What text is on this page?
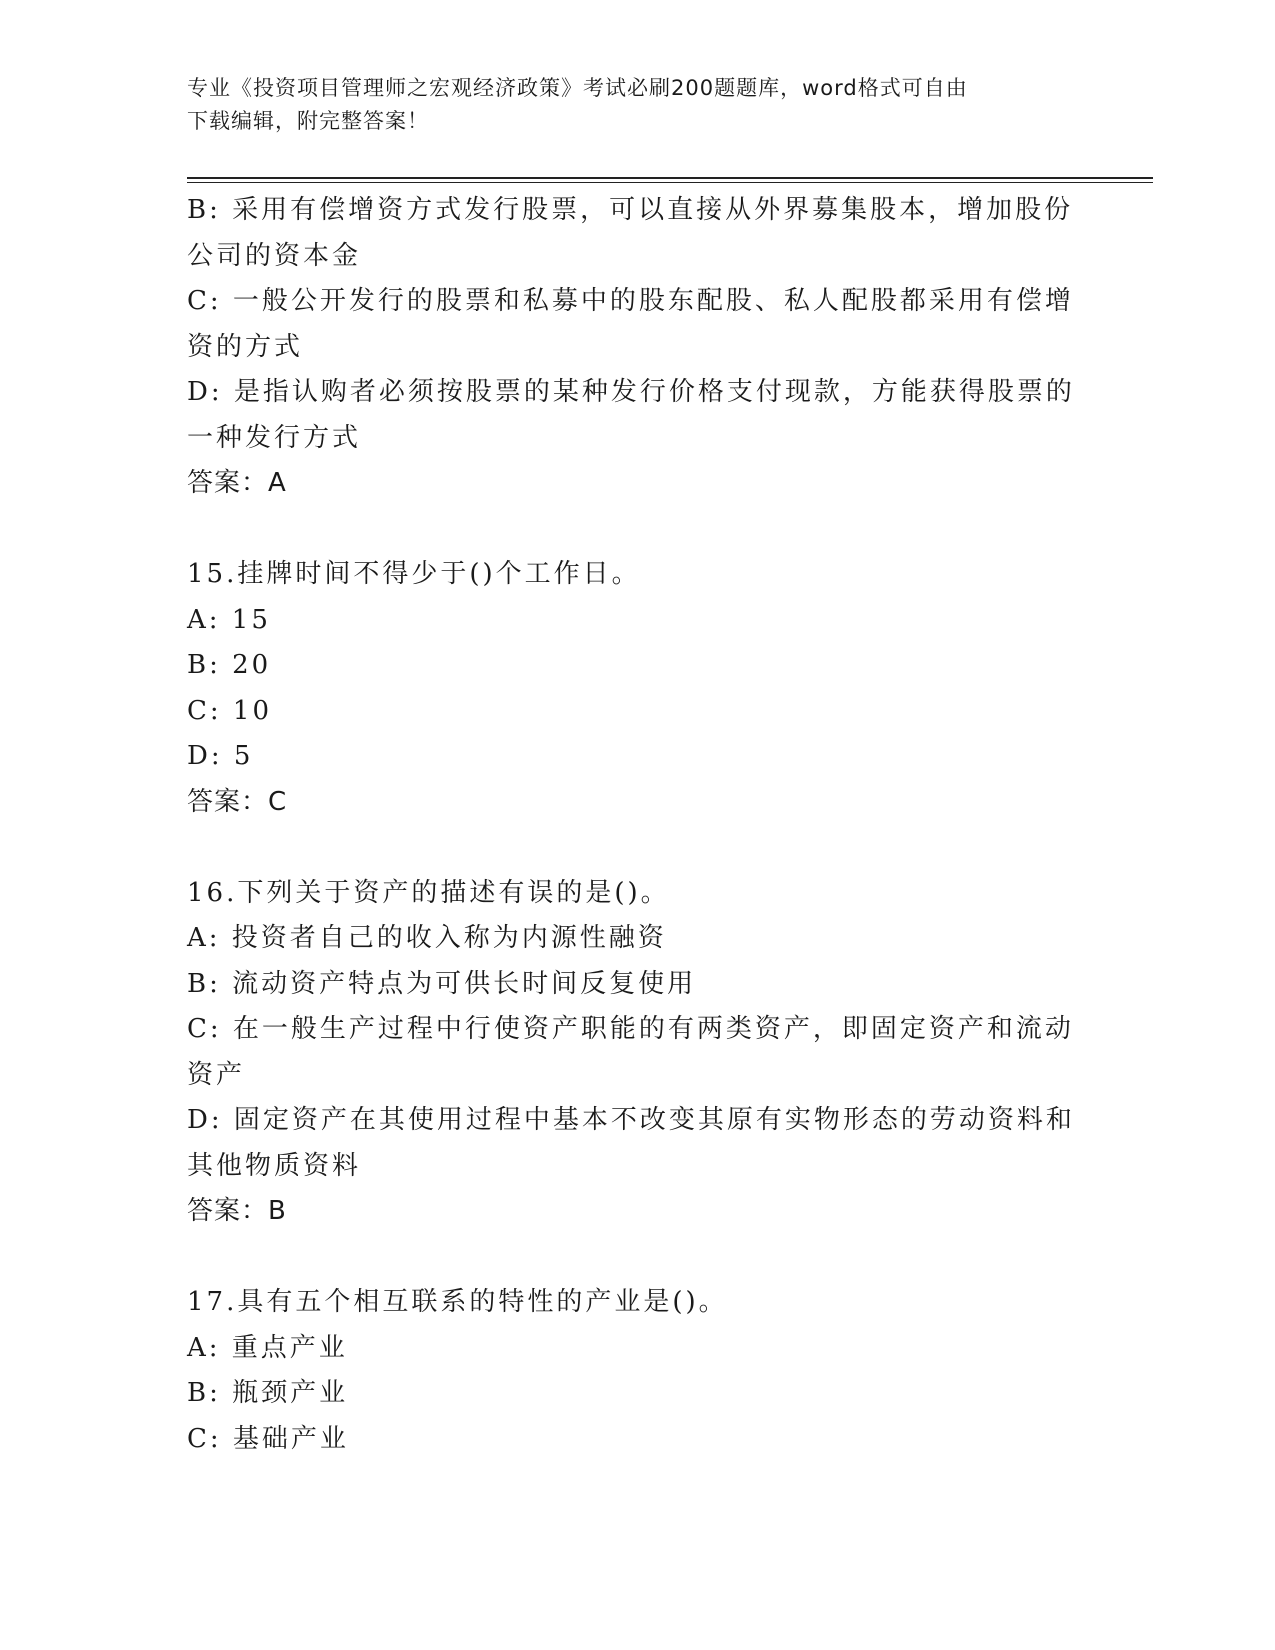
专业《投资项目管理师之宏观经济政策》考试必刷200题题库，word格式可自由
下载编辑，附完整答案！

B: 采用有偿增资方式发行股票，可以直接从外界募集股本，增加股份

公司的资本金

C: 一般公开发行的股票和私募中的股东配股、私人配股都采用有偿增

资的方式

D: 是指认购者必须按股票的某种发行价格支付现款，方能获得股票的

一种发行方式

答案：A

15.挂牌时间不得少于()个工作日。

A: 15

B: 20

C: 10

D: 5

答案：C

16.下列关于资产的描述有误的是()。

A: 投资者自己的收入称为内源性融资

B: 流动资产特点为可供长时间反复使用

C: 在一般生产过程中行使资产职能的有两类资产，即固定资产和流动

资产

D: 固定资产在其使用过程中基本不改变其原有实物形态的劳动资料和

其他物质资料

答案：B

17.具有五个相互联系的特性的产业是()。

A: 重点产业

B: 瓶颈产业

C: 基础产业
